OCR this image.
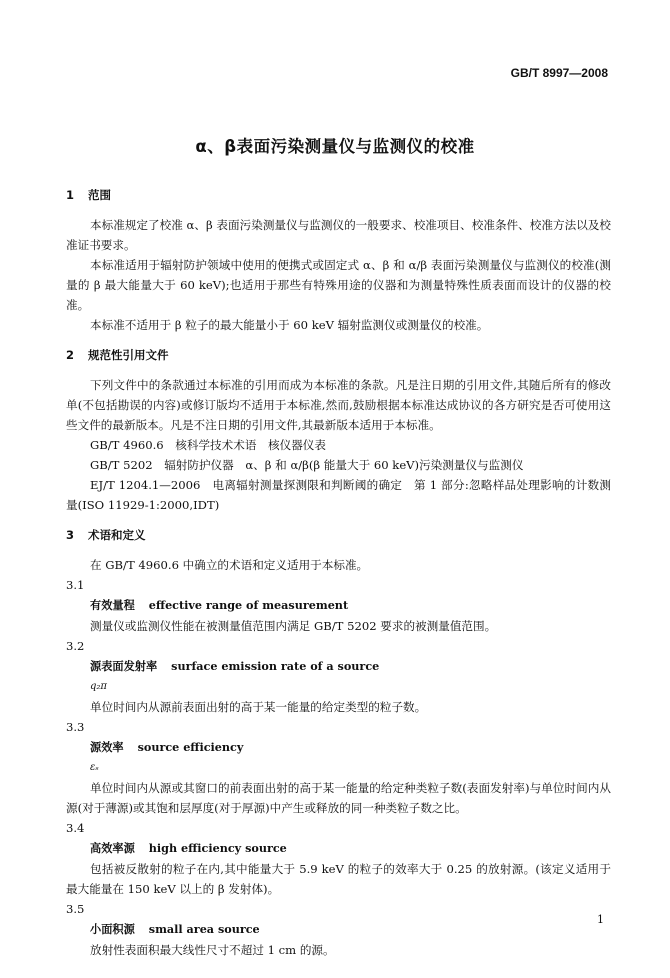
GB/T 8997—2008
α、β表面污染测量仪与监测仪的校准
1 范围

本标准规定了校准 α、β 表面污染测量仪与监测仪的一般要求、校准项目、校准条件、校准方法以及校准证书要求。

本标准适用于辐射防护领域中使用的便携式或固定式 α、β 和 α/β 表面污染测量仪与监测仪的校准(测量的 β 最大能量大于 60 keV);也适用于那些有特殊用途的仪器和为测量特殊性质表面而设计的仪器的校准。

本标准不适用于 β 粒子的最大能量小于 60 keV 辐射监测仪或测量仪的校准。

2 规范性引用文件

下列文件中的条款通过本标准的引用而成为本标准的条款。凡是注日期的引用文件,其随后所有的修改单(不包括勘误的内容)或修订版均不适用于本标准,然而,鼓励根据本标准达成协议的各方研究是否可使用这些文件的最新版本。凡是不注日期的引用文件,其最新版本适用于本标准。

GB/T 4960.6　核科学技术术语　核仪器仪表

GB/T 5202　辐射防护仪器　α、β 和 α/β(β 能量大于 60 keV)污染测量仪与监测仪

EJ/T 1204.1—2006　电离辐射测量探测限和判断阈的确定　第 1 部分:忽略样品处理影响的计数测量(ISO 11929-1:2000,IDT)

3 术语和定义

在 GB/T 4960.6 中确立的术语和定义适用于本标准。

3.1

有效量程 effective range of measurement

测量仪或监测仪性能在被测量值范围内满足 GB/T 5202 要求的被测量值范围。

3.2

源表面发射率 surface emission rate of a source

q₂π

单位时间内从源前表面出射的高于某一能量的给定类型的粒子数。

3.3

源效率 source efficiency

εₛ

单位时间内从源或其窗口的前表面出射的高于某一能量的给定种类粒子数(表面发射率)与单位时间内从源(对于薄源)或其饱和层厚度(对于厚源)中产生或释放的同一种类粒子数之比。

3.4

高效率源 high efficiency source

包括被反散射的粒子在内,其中能量大于 5.9 keV 的粒子的效率大于 0.25 的放射源。(该定义适用于最大能量在 150 keV 以上的 β 发射体)。

3.5

小面积源 small area source

放射性表面积最大线性尺寸不超过 1 cm 的源。

1
